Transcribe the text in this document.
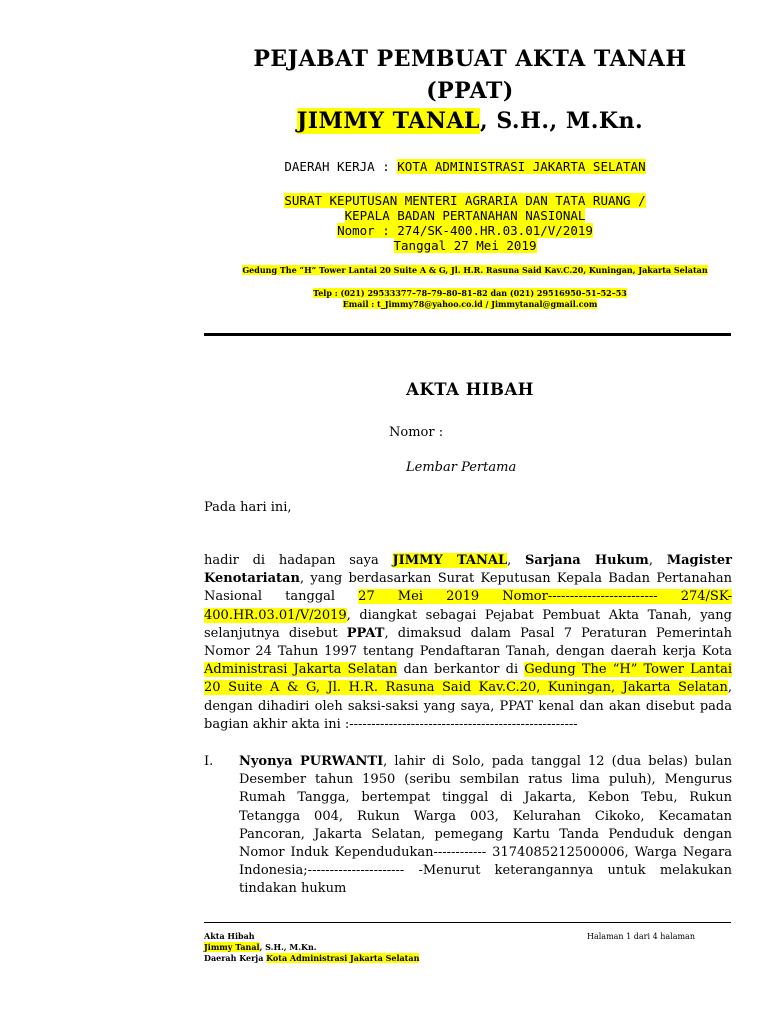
PEJABAT PEMBUAT AKTA TANAH
(PPAT)
JIMMY TANAL, S.H., M.Kn.
DAERAH KERJA : KOTA ADMINISTRASI JAKARTA SELATAN
SURAT KEPUTUSAN MENTERI AGRARIA DAN TATA RUANG /
KEPALA BADAN PERTANAHAN NASIONAL
Nomor : 274/SK-400.HR.03.01/V/2019
Tanggal 27 Mei 2019
Gedung The “H” Tower Lantai 20 Suite A & G, Jl. H.R. Rasuna Said Kav.C.20, Kuningan, Jakarta Selatan
Telp : (021) 29533377–78–79–80–81–82 dan (021) 29516950–51–52–53
Email : t_Jimmy78@yahoo.co.id / Jimmytanal@gmail.com
AKTA HIBAH
Nomor :
Lembar Pertama
Pada hari ini,
hadir di hadapan saya JIMMY TANAL, Sarjana Hukum, Magister Kenotariatan, yang berdasarkan Surat Keputusan Kepala Badan Pertanahan Nasional tanggal 27 Mei 2019 Nomor------------------------- 274/SK-400.HR.03.01/V/2019, diangkat sebagai Pejabat Pembuat Akta Tanah, yang selanjutnya disebut PPAT, dimaksud dalam Pasal 7 Peraturan Pemerintah Nomor 24 Tahun 1997 tentang Pendaftaran Tanah, dengan daerah kerja Kota Administrasi Jakarta Selatan dan berkantor di Gedung The “H” Tower Lantai 20 Suite A & G, Jl. H.R. Rasuna Said Kav.C.20, Kuningan, Jakarta Selatan, dengan dihadiri oleh saksi-saksi yang saya, PPAT kenal dan akan disebut pada bagian akhir akta ini :----------------------------------------------------
I. Nyonya PURWANTI, lahir di Solo, pada tanggal 12 (dua belas) bulan Desember tahun 1950 (seribu sembilan ratus lima puluh), Mengurus Rumah Tangga, bertempat tinggal di Jakarta, Kebon Tebu, Rukun Tetangga 004, Rukun Warga 003, Kelurahan Cikoko, Kecamatan Pancoran, Jakarta Selatan, pemegang Kartu Tanda Penduduk dengan Nomor Induk Kependudukan------------ 3174085212500006, Warga Negara Indonesia;---------------------- -Menurut keterangannya untuk melakukan tindakan hukum
Akta Hibah
Jimmy Tanal, S.H., M.Kn.
Daerah Kerja Kota Administrasi Jakarta Selatan
Halaman 1 dari 4 halaman
